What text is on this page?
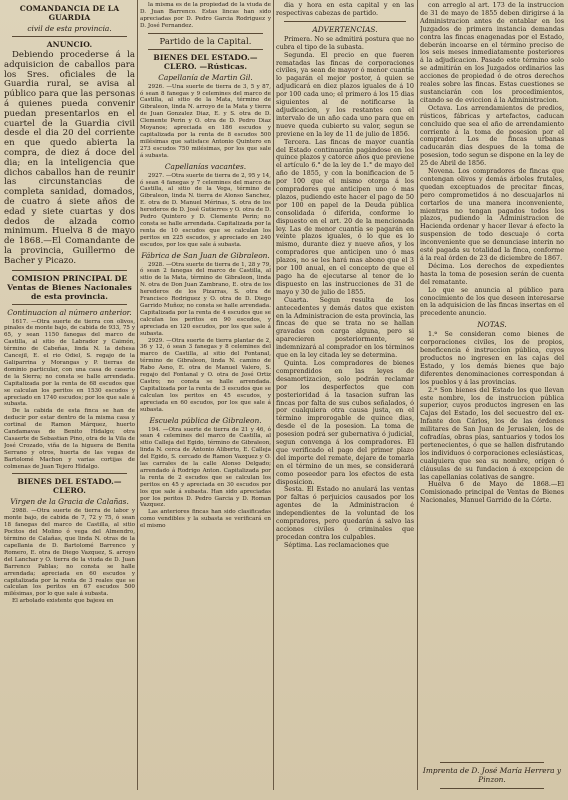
COMANDANCIA DE LA GUARDIA
civil de esta provincia.
ANUNCIO.

Debiendo procederse á la adquisicion de caballos para los Sres. oficiales de la Guardia rural, se avisa al público para que las personas á quienes pueda convenir puedan presentarlos en el cuartel de la Guardia civil desde el dia 20 del corriente en que quedo abierta la compra, de diez á doce del dia; en la inteligencia que dichos caballos han de reunir las circunstancias de completa sanidad, domados, de cuatro á siete años de edad y siete cuartas y dos dedos de alzada como minimum. Huelva 8 de mayo de 1868.—El Comandante de la provincia, Guillermo de Bacher y Picazo.

COMISION PRINCIPAL DE Ventas de Bienes Nacionales de esta provincia.
Continuacion al número anterior.

1617. —Otra suerte de tierra con olivos, pinales de monte bajo, de cabida de 933, 75 y 65, y sean 1150 fanegas del marco de Castilla, al sitio de Labrador y Caimón, término de Cabeñas, linda N. la dehesa Cancejil, E. el rio Odiel, S. regajo de la Galiparrina y Morangas y P. tierras de dominio particular, con una casa de caserio de la Sierra; no consta se halle arrendada. Capitalizada por la renta de 68 escudos que se calculan los peritos en 1530 escudos y apreciado en 1740 escudos; por los que sale á subasta.

De la cabida de esta finca se han de deducir por estar dentro de la misma casa y cortinal de Ramon Márquez, huerto Candamavas de Benito Hidalgo; otra Casaerte de Sebastian Pino, otra de la Vila de José Crozado, viña de la higuera de Benita Serrano y otros, huerta de las vegas de Bartolomé Machon y varias cortijas de colmenas de Juan Tejero Hidalgo.

BIENES DEL ESTADO.—CLERO.
Virgen de la Gracia de Calañas.

2988. —Otra suerte de tierra de labor y monte bajo, de cabida de 7, 72 y 75, ó sean 18 fanegas del marco de Castilla, al sitio Pocitos del Molino ó vega del Almendro, término de Calañas, que linda N. otras de la capellania de D. Bartolomé Barrenco y Romero, E. otra de Diego Vazquez, S. arroyo del Lanchar y O. tierra de la viuda de D. Juan Barrenco Pablas; no consta se halle arrendada; apreciada en 60 escudos y capitalizada por la renta de 3 reales que se calculan los peritos en 67 escudos 500 milésimas, por lo que sale á subasta.

El arbolado existente que bajesu en

la misma es de la propiedad de la viuda de D. Juan Barrenco. Estas lincas han sido apreciadas por D. Pedro Garcia Rodriguez y D. José Fernandez.

Partido de la Capital.
BIENES DEL ESTADO.—CLERO. —Rústicas.
Capellanía de Martin Gil.

2926. —Una suerte de tierra de 3, 5 y 87, ó sean 8 fanegas y 9 celemines del marco de Castilla, al sitio de la Mata, término de Gibraleon, linda N. arroyo de la Mata y tierra de Juan Gonzalez Diaz, E. y S. otra de D. Clemente Perin y O. otra de D. Pedro Diaz Moyanos; apreciada en 186 escudos y capitalizada por la renta de 8 escudos 500 milésimas que satisface Antonio Quintero en 273 escudos 750 milésimas, por los que sale á subasta.

Capellanías vacantes.

2927. —Otra suerte de tierra de 2, 95 y 14, ó sean 4 fanegas y 7 celemines del marco de Castilla, al sitio de la Vega, término de Gibraleon, linda N. tierra de Alonso Sanchez, E. otra de D. Manuel Mérinas, S. otra de los herederos de D. José Gutierres y O. otra de D. Pedro Quintero y D. Clemente Perin; no consta se halle arrendada. Capitalizada por la renta de 10 escudos que se calculan los peritos en 225 escudos, y apreciado en 240 escudos, por los que sale á subasta.

Fábrica de San Juan de Gibraleon.

2928. —Otra suerte de tierra de 1, 28 y 79, ó sean 2 fanegas del marco de Castilla, al sitio de la Mata, término de Gibraleon, linda N. otra de Don Juan Zambrano, E. otra de los herederos de los Pizarras, S. otra de Francisco Rodriguez y O. otra de D. Diego Garrido Muñoz; no consta se halle arrendada. Capitalizada por la renta de 4 escudos que se calculan los peritos en 90 escudos, y apreciada en 120 escudos, por los que sale á subasta.

2929. —Otra suerte de tierra plantar de 2, 36 y 12, ó sean 3 fanegas y 8 celemines del marco de Castilla, al sitio del Fontanal, término de Gibraleon, linda N. camino de Rabo Asno, E. otra de Manuel Valero, S. regajo del Fontanal y O. otra de José Ortiz Castro; no consta se halle arrendada. Capitalizada por la renta de 3 escudos que se calculan los peritos en 45 escudos, y apreciada en 60 escudos, por los que sale á subasta.

Escuela pública de Gibraleon.

194. —Otra suerte de tierra de 21 y 46, ó sean 4 celemines del marco de Castilla, al sitio Calleja del Egido, término de Gibraleon, linda N. cerca de Antonio Aliberto, E. Calleja del Egido, S. cercado de Ramon Vazquez y O. las carrales de la calle Alonso Delgado; arrendado á Rodrigo Anton. Capitalizada por la renta de 2 escudos que se calculan los peritos en 45 y apreciada en 30 escudos por los que sale á subasta. Han sido apreciadas por los peritos D. Pedro Garcia y D. Roman Vazquez.

Las anteriores fincas han sido clasificadas como vendibles y la subasta se verificará en el mismo

dia y hora en esta capital y en las respectivas cabezas de partido.

ADVERTENCIAS.

Primera. No se admitirá postura que no cubra el tipo de la subasta.

Segunda. El precio en que fueren rematadas las fincas de corporaciones civiles, ya sean de mayor ó menor cuantía lo pagarán el mejor postor, á quien se adjudicará en diez plazos iguales de á 10 por 100 cada uno; el primero á los 15 dias siguientes al de notificarse la adjudicacion, y los restantes con el intervalo de un año cada uno para que en nueve queda cubierto su valor, segun se previene en la ley de 11 de julio de 1856.

Tercera. Las fincas de mayor cuantía del Estado continuarán pagándose en los quince plazos y catorce años que previene el artículo 6.° de la ley de 1.° de mayo del año de 1855, y con la bonificacion de 5 por 100 que el mismo otorga á los compradores que anticipen uno ó mas plazos, pudiendo este hacer el pago de 50 por 100 en papel de la Deuda pública consolidada ó diferida, conforme lo dispuesto en el art. 20 de la mencionada ley. Las de menor cuantía se pagarán en veinte plazos iguales, ó lo que es lo mismo, durante diez y nueve años, y los compradores que anticipen uno ó mas plazos, no se les hará mas abono que el 3 por 100 anual, en el concepto de que el pago ha de ejecutarse al tenor de lo dispuesto en las instrucciones de 31 de mayo y 30 de julio de 1855.

Cuarta. Segun resulta de los antecedentes y demás datos que existen en la Administracion de esta provincia, las fincas de que se trata no se hallan gravadas con carga alguna, pero si aparecieren posteriormente, se indemnizará al comprador en los términos que en la ley citada ley se determina.

Quinta. Los compradores de bienes comprendidos en las leyes de desamortizacion, solo podrán reclamar por los desperfectos que con posterioridad á la tasacion sufran las fincas por falta de sus cubos señalados, ó por cualquiera otra causa justa, en el término improrogable de quince dias, desde el de la posesion. La toma de posesion podrá ser gubernativa ó judicial, segun convenga á los compradores. El que verificado el pago del primer plazo del importe del remate, dejare de tomarla en el término de un mes, se considerará como poseedor para los efectos de esta disposicion.

Sesta. El Estado no anulará las ventas por faltas ó perjuicios causados por los agentes de la Administracion é independientes de la voluntad de los compradores, pero quedarán á salvo las acciones civiles ó criminales que procedan contra los culpables.

Séptima. Las reclamaciones que

con arreglo al art. 173 de la instruccion de 31 de mayo de 1855 deben dirigirse á la Administracion antes de entablar en los Juzgados de primera instancia demandas contra las fincas enagenadas por el Estado, deberán incoarse en el término preciso de los seis meses inmediatamente posteriores á la adjudicacion. Pasado este término solo se admitirán en los Juzgados ordinarios las acciones de propiedad ó de otros derechos reales sobre las fincas. Estas cuestiones se sustanciarán con los procedimientos, citando se de eviccion á la Administracion.

Octava. Los arrendamientos de predios, rústicos, fábricas y artefactos, caducan concluido que sea el año de arrendamiento corriente á la toma de posesion por el comprador. Los de fincas urbanas caducarán dias despues de la toma de posesion, todo segun se dispone en la ley de 25 de Abril de 1856.

Novena. Los compradores de fincas que contengan olivos y demás árboles frutales, quedan exceptuados de precitar fincas, pero comprometidos á no descuajarlos ni cortarlos de una manera inconveniente, mientras no tengan pagados todos los plazos, pudiendo la Administracion de Hacienda ordenar y hacer llevar á efecto la suspension de todo descuaje ó corta inconveniente que se denunciase interin no esté pagada su totalidad la finca, conforme á la real órden de 23 de diciembre de 1867.

Décima. Los derechos de expedientes hasta la toma de posesion serán de cuenta del rematante.

Lo que se anuncia al público para conocimiento de los que deseen interesarse en la adquisicion de las fincas insertas en el precedente anuncio.

NOTAS.

1.ª Se consideran como bienes de corporaciones civiles, los de propios, beneficencia é instruccion pública, cuyos productos no ingresen en las cajas del Estado, y los demás bienes que bajo diferentes denominaciones correspondan á los pueblos y á las provincias.

2.ª Son bienes del Estado los que llevan este nombre, los de instruccion pública superior, cuyos productos ingresen en las Cajas del Estado, los del secuestro del ex-Infante don Cárlos, los de las órdenes militares de San Juan de Jerusalen, los de cofradías, obras pías, santuarios y todos los pertenecientes, ó que se hallen disfrutando los individuos ó corporaciones eclesiásticas, cualquiera que sea su nombre, orígen ó cláusulas de su fundacion á excepcion de las capellanias colativas de sangre.

Huelva 6 de Mayo de 1868.—El Comisionado principal de Ventas de Bienes Nacionales, Manuel Garrido de la Córte.

Imprenta de D. José María Herrera y Pinzon.
